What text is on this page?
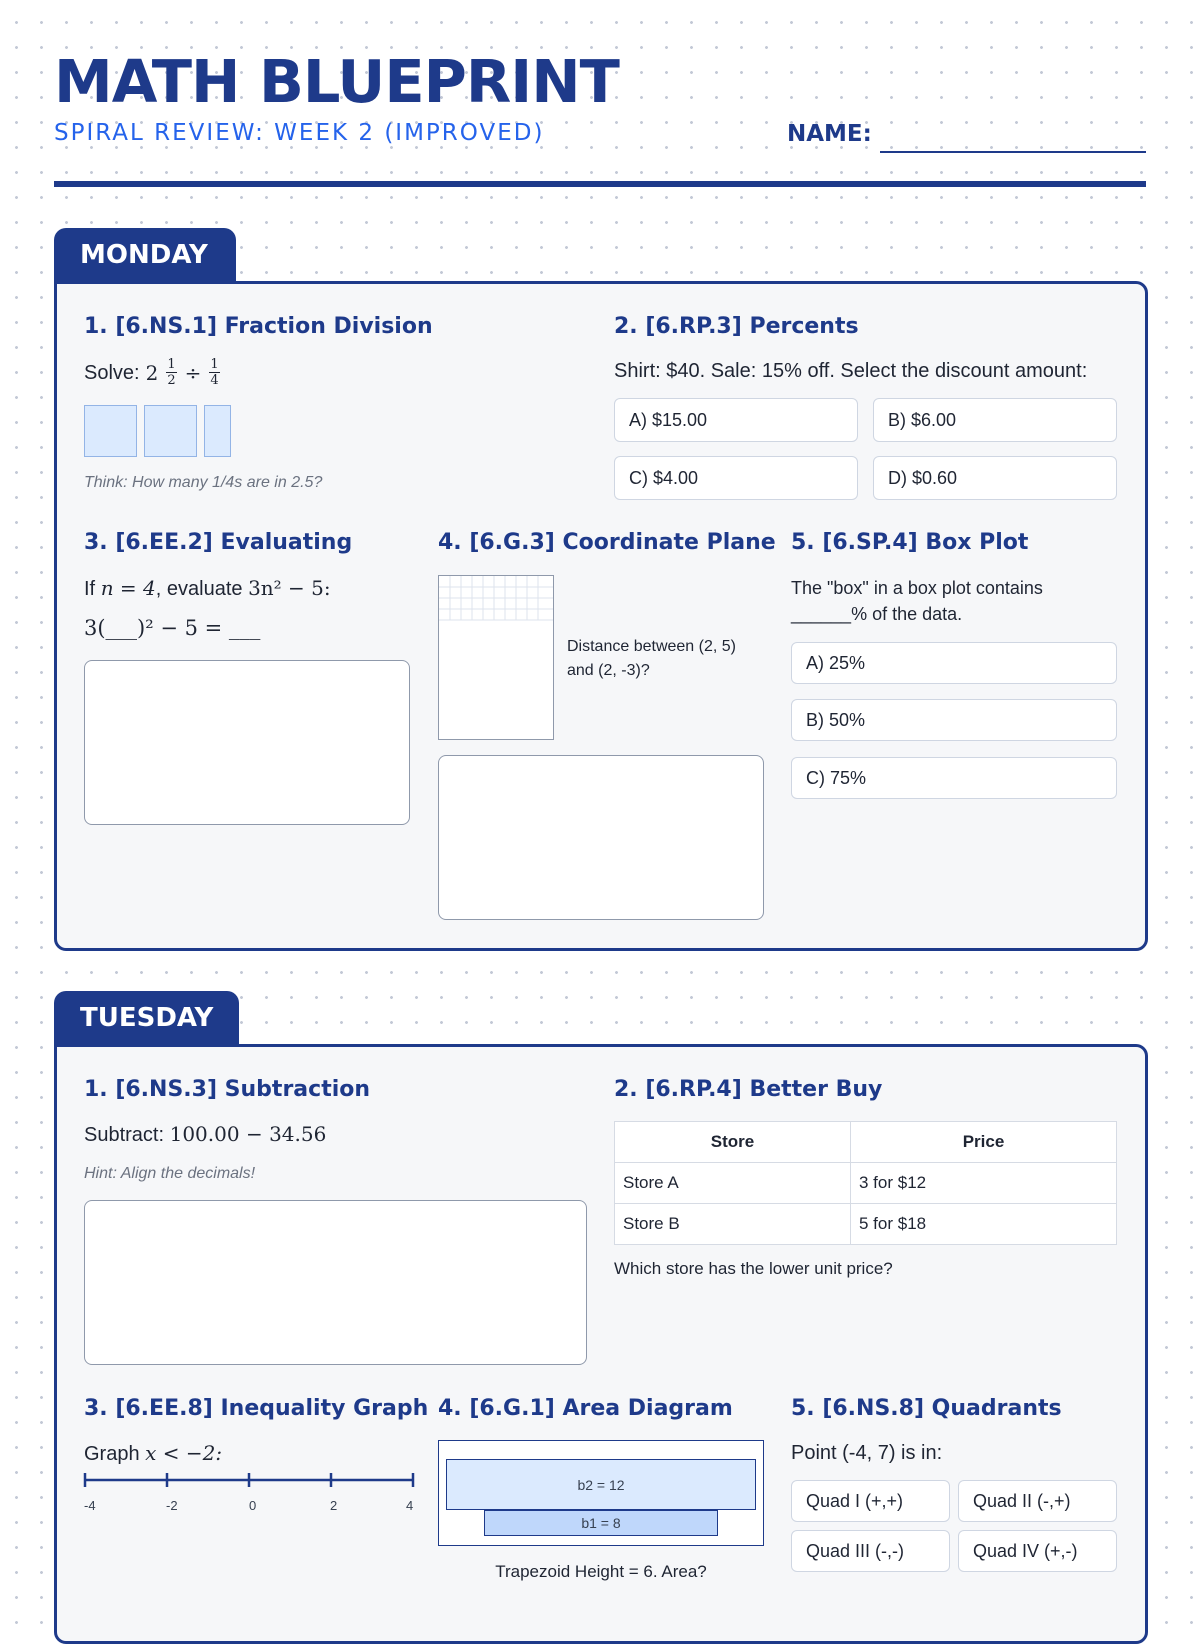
MATH BLUEPRINT
SPIRAL REVIEW: WEEK 2 (IMPROVED)	NAME:
MONDAY
1. [6.NS.1] Fraction Division
Solve: $2 \frac{1}{2} \div \frac{1}{4}$
Think: How many 1/4s are in 2.5?
2. [6.RP.3] Percents
Shirt: $40. Sale: 15% off. Select the discount amount:
A) $15.00	B) $6.00
C) $4.00	D) $0.60
3. [6.EE.2] Evaluating
If n = 4, evaluate 3n² − 5:
3(___)² − 5 = ___
4. [6.G.3] Coordinate Plane
Distance between (2, 5) and (2, -3)?
5. [6.SP.4] Box Plot
The "box" in a box plot contains ______% of the data.
A) 25%
B) 50%
C) 75%
TUESDAY
1. [6.NS.3] Subtraction
Subtract: 100.00 − 34.56
Hint: Align the decimals!
2. [6.RP.4] Better Buy
Store	Price
Store A	3 for $12
Store B	5 for $18
Which store has the lower unit price?
3. [6.EE.8] Inequality Graph
Graph x < −2:
-4	-2	0	2	4
4. [6.G.1] Area Diagram
b2 = 12
b1 = 8
Trapezoid Height = 6. Area?
5. [6.NS.8] Quadrants
Point (-4, 7) is in:
Quad I (+,+)	Quad II (-,+)
Quad III (-,-)	Quad IV (+,-)
